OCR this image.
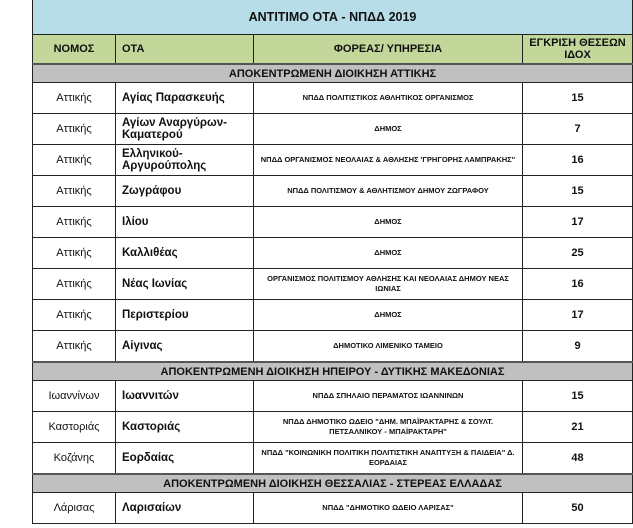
ΑΝΤΙΤΙΜΟ ΟΤΑ - ΝΠΔΔ 2019			
ΝΟΜΟΣ	ΟΤΑ	ΦΟΡΕΑΣ/ ΥΠΗΡΕΣΙΑ	ΕΓΚΡΙΣΗ ΘΕΣΕΩΝ ΙΔΟΧ
ΑΠΟΚΕΝΤΡΩΜΕΝΗ ΔΙΟΙΚΗΣΗ ΑΤΤΙΚΗΣ			
Αττικής	Αγίας Παρασκευής	ΝΠΔΔ ΠΟΛΙΤΙΣΤΙΚΟΣ ΑΘΛΗΤΙΚΟΣ ΟΡΓΑΝΙΣΜΟΣ	15
Αττικής	Αγίων Αναργύρων-Καματερού	ΔΗΜΟΣ	7
Αττικής	Ελληνικού-Αργυρούπολης	ΝΠΔΔ ΟΡΓΑΝΙΣΜΟΣ ΝΕΟΛΑΙΑΣ & ΑΘΛΗΣΗΣ 'ΓΡΗΓΟΡΗΣ ΛΑΜΠΡΑΚΗΣ"	16
Αττικής	Ζωγράφου	ΝΠΔΔ ΠΟΛΙΤΙΣΜΟΥ & ΑΘΛΗΤΙΣΜΟΥ ΔΗΜΟΥ ΖΩΓΡΑΦΟΥ	15
Αττικής	Ιλίου	ΔΗΜΟΣ	17
Αττικής	Καλλιθέας	ΔΗΜΟΣ	25
Αττικής	Νέας Ιωνίας	ΟΡΓΑΝΙΣΜΟΣ ΠΟΛΙΤΙΣΜΟΥ ΑΘΛΗΣΗΣ ΚΑΙ ΝΕΟΛΑΙΑΣ ΔΗΜΟΥ ΝΕΑΣ ΙΩΝΙΑΣ	16
Αττικής	Περιστερίου	ΔΗΜΟΣ	17
Αττικής	Αίγινας	ΔΗΜΟΤΙΚΟ ΛΙΜΕΝΙΚΟ ΤΑΜΕΙΟ	9
ΑΠΟΚΕΝΤΡΩΜΕΝΗ ΔΙΟΙΚΗΣΗ ΗΠΕΙΡΟΥ - ΔΥΤΙΚΗΣ ΜΑΚΕΔΟΝΙΑΣ			
Ιωαννίνων	Ιωαννιτών	ΝΠΔΔ ΣΠΗΛΑΙΟ ΠΕΡΑΜΑΤΟΣ ΙΩΑΝΝΙΝΩΝ	15
Καστοριάς	Καστοριάς	ΝΠΔΔ ΔΗΜΟΤΙΚΟ ΩΔΕΙΟ "ΔΗΜ. ΜΠΑΪΡΑΚΤΑΡΗΣ & ΣΟΥΛΤ. ΠΕΤΣΑΛΝΙΚΟΥ - ΜΠΑΪΡΑΚΤΑΡΗ"	21
Κοζάνης	Εορδαίας	ΝΠΔΔ "ΚΟΙΝΩΝΙΚΗ ΠΟΛΙΤΙΚΗ ΠΟΛΙΤΙΣΤΙΚΗ ΑΝΑΠΤΥΞΗ & ΠΑΙΔΕΙΑ" Δ. ΕΟΡΔΑΙΑΣ	48
ΑΠΟΚΕΝΤΡΩΜΕΝΗ ΔΙΟΙΚΗΣΗ ΘΕΣΣΑΛΙΑΣ - ΣΤΕΡΕΑΣ ΕΛΛΑΔΑΣ			
Λάρισας	Λαρισαίων	ΝΠΔΔ "ΔΗΜΟΤΙΚΟ ΩΔΕΙΟ ΛΑΡΙΣΑΣ"	50
